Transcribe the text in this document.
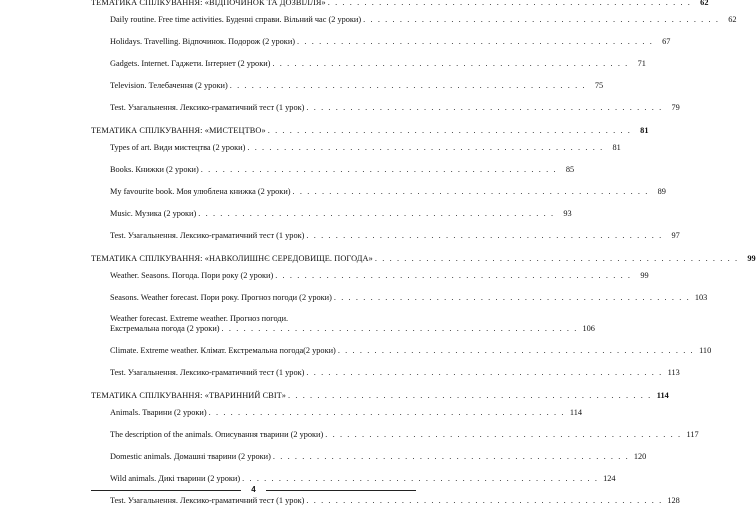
ТЕМАТИКА СПІЛКУВАННЯ: «ВІДПОЧИНОК ТА ДОЗВІЛЛЯ» . . . . . . . . . . . . . . . . . . . . . . . . . . . . . . . . . . . . . . . . . . . . . . . . . .	62
Daily routine. Free time activities. Буденні справи. Вільний час (2 уроки) . . . . . . . . . . . . . . . . . . . . . . . . . . . . . . . . . . . . . . . . . . . . . . . . .	62
Holidays. Travelling. Відпочинок. Подорож (2 уроки) . . . . . . . . . . . . . . . . . . . . . . . . . . . . . . . . . . . . . . . . . . . . . . . . .	67
Gadgets. Internet. Гаджети. Інтернет (2 уроки) . . . . . . . . . . . . . . . . . . . . . . . . . . . . . . . . . . . . . . . . . . . . . . . . .	71
Television. Телебачення (2 уроки) . . . . . . . . . . . . . . . . . . . . . . . . . . . . . . . . . . . . . . . . . . . . . . . . .	75
Test. Узагальнення. Лексико-граматичний тест (1 урок) . . . . . . . . . . . . . . . . . . . . . . . . . . . . . . . . . . . . . . . . . . . . . . . . .	79
ТЕМАТИКА СПІЛКУВАННЯ: «МИСТЕЦТВО» . . . . . . . . . . . . . . . . . . . . . . . . . . . . . . . . . . . . . . . . . . . . . . . . . .	81
Types of art. Види мистецтва (2 уроки) . . . . . . . . . . . . . . . . . . . . . . . . . . . . . . . . . . . . . . . . . . . . . . . . .	81
Books. Книжки (2 уроки) . . . . . . . . . . . . . . . . . . . . . . . . . . . . . . . . . . . . . . . . . . . . . . . . .	85
My favourite book. Моя улюблена книжка (2 уроки) . . . . . . . . . . . . . . . . . . . . . . . . . . . . . . . . . . . . . . . . . . . . . . . . .	89
Music. Музика (2 уроки) . . . . . . . . . . . . . . . . . . . . . . . . . . . . . . . . . . . . . . . . . . . . . . . . .	93
Test. Узагальнення. Лексико-граматичний тест (1 урок) . . . . . . . . . . . . . . . . . . . . . . . . . . . . . . . . . . . . . . . . . . . . . . . . .	97
ТЕМАТИКА СПІЛКУВАННЯ: «НАВКОЛИШНЄ СЕРЕДОВИЩЕ. ПОГОДА» . . . . . . . . . . . . . . . . . . . . . . . . . . . . . . . . . . . . . . . . . . . . . . . . . .	99
Weather. Seasons. Погода. Пори року (2 уроки) . . . . . . . . . . . . . . . . . . . . . . . . . . . . . . . . . . . . . . . . . . . . . . . . .	99
Seasons. Weather forecast. Пори року. Прогноз погоди (2 уроки) . . . . . . . . . . . . . . . . . . . . . . . . . . . . . . . . . . . . . . . . . . . . . . . . . 103
Weather forecast. Extreme weather. Прогноз погоди.
Екстремальна погода (2 уроки) . . . . . . . . . . . . . . . . . . . . . . . . . . . . . . . . . . . . . . . . . . . . . . . . . 106
Climate. Extreme weather. Клімат. Екстремальна погода(2 уроки) . . . . . . . . . . . . . . . . . . . . . . . . . . . . . . . . . . . . . . . . . . . . . . . . . 110
Test. Узагальнення. Лексико-граматичний тест (1 урок) . . . . . . . . . . . . . . . . . . . . . . . . . . . . . . . . . . . . . . . . . . . . . . . . . 113
ТЕМАТИКА СПІЛКУВАННЯ: «ТВАРИННИЙ СВІТ» . . . . . . . . . . . . . . . . . . . . . . . . . . . . . . . . . . . . . . . . . . . . . . . . . . 114
Animals. Тварини (2 уроки) . . . . . . . . . . . . . . . . . . . . . . . . . . . . . . . . . . . . . . . . . . . . . . . . . 114
The description of the animals. Описування тварини (2 уроки) . . . . . . . . . . . . . . . . . . . . . . . . . . . . . . . . . . . . . . . . . . . . . . . . . 117
Domestic animals. Домашні тварини (2 уроки) . . . . . . . . . . . . . . . . . . . . . . . . . . . . . . . . . . . . . . . . . . . . . . . . . 120
Wild animals. Дикі тварини (2 уроки) . . . . . . . . . . . . . . . . . . . . . . . . . . . . . . . . . . . . . . . . . . . . . . . . . 124
Test. Узагальнення. Лексико-граматичний тест (1 урок) . . . . . . . . . . . . . . . . . . . . . . . . . . . . . . . . . . . . . . . . . . . . . . . . . 128
4
